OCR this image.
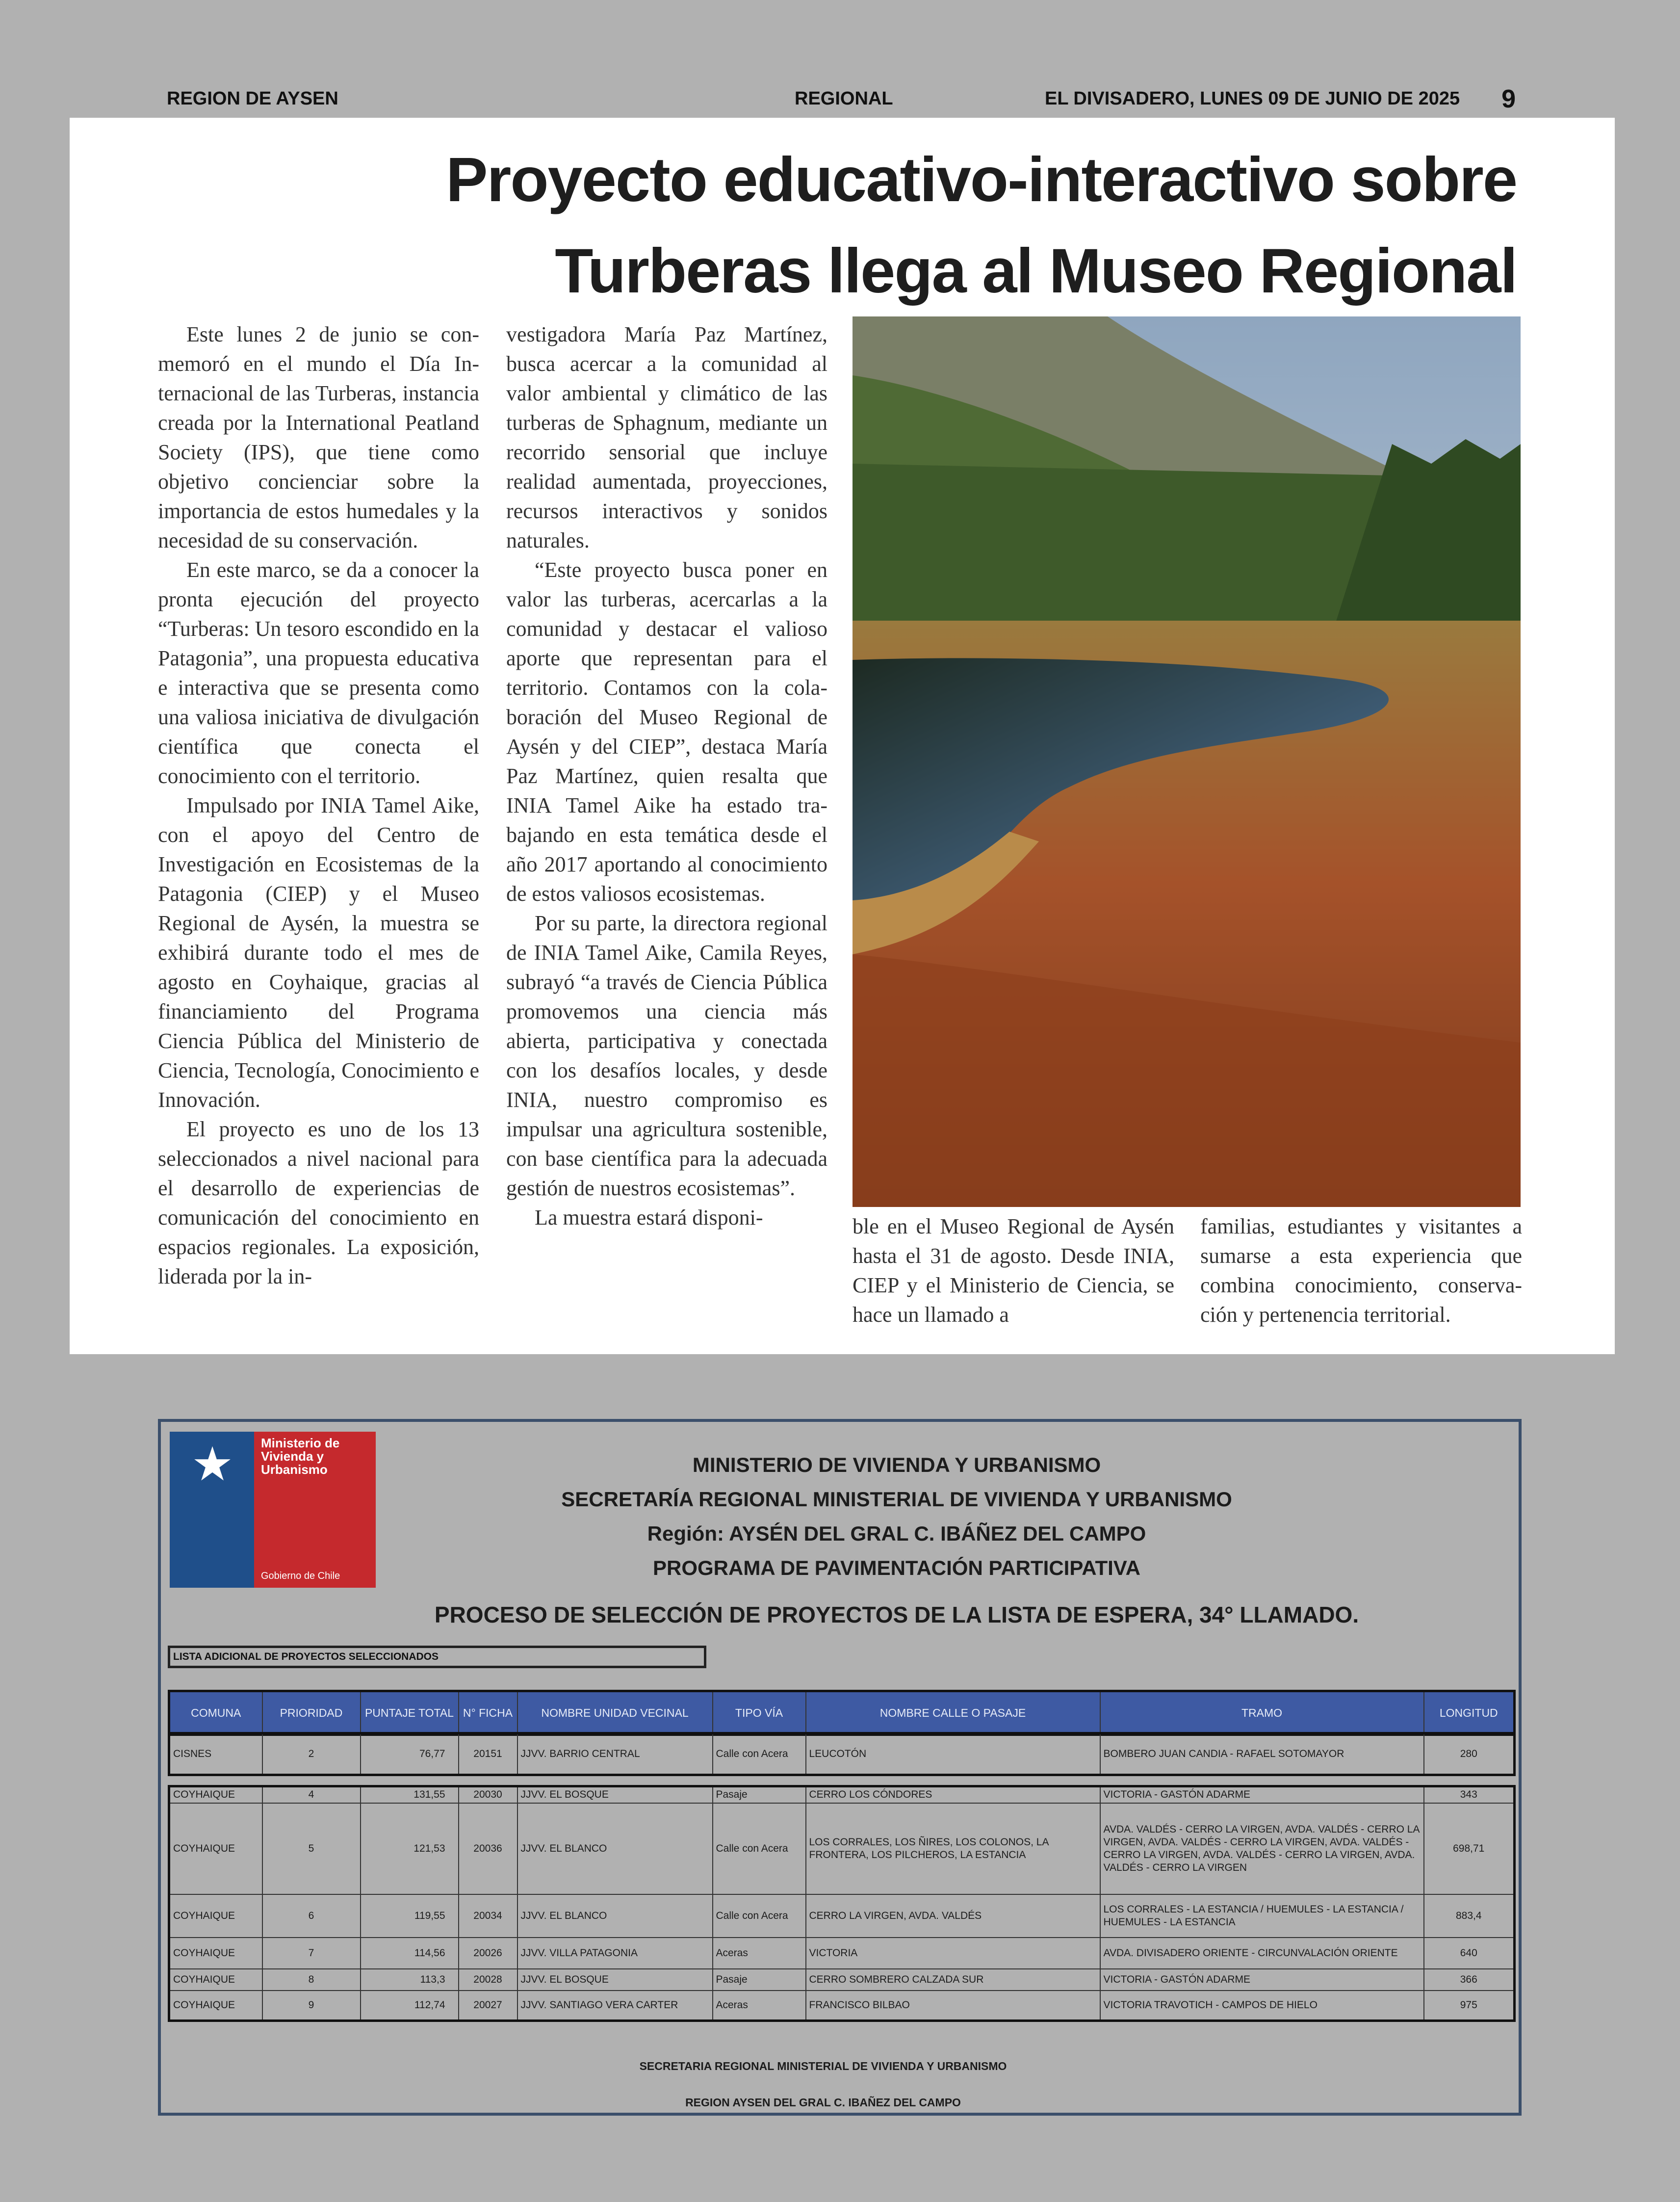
REGION DE AYSEN	REGIONAL	EL DIVISADERO, LUNES 09 DE JUNIO DE 2025 9
Proyecto educativo-interactivo sobre
Turberas llega al Museo Regional

Este lunes 2 de junio se conmemoró en el mundo el Día Internacional de las Turberas, instancia creada por la International Peatland Society (IPS), que tiene como objetivo concienciar sobre la importancia de estos humedales y la necesidad de su conservación.

En este marco, se da a conocer la pronta ejecución del proyecto “Turberas: Un tesoro escondido en la Patagonia”, una propuesta educativa e interactiva que se presenta como una valiosa iniciativa de divulgación científica que conecta el conocimiento con el territorio.

Impulsado por INIA Tamel Aike, con el apoyo del Centro de Investigación en Ecosistemas de la Patagonia (CIEP) y el Museo Regional de Aysén, la muestra se exhibirá durante todo el mes de agosto en Coyhaique, gracias al financiamiento del Programa Ciencia Pública del Ministerio de Ciencia, Tecnología, Conocimiento e Innovación.

El proyecto es uno de los 13 seleccionados a nivel nacional para el desarrollo de experiencias de comunicación del conocimiento en espacios regionales. La exposición, liderada por la in-

vestigadora María Paz Martínez, busca acercar a la comunidad al valor ambiental y climático de las turberas de Sphagnum, mediante un recorrido sensorial que incluye realidad aumentada, proyecciones, recursos interactivos y sonidos naturales.

“Este proyecto busca poner en valor las turberas, acercarlas a la comunidad y destacar el valioso aporte que representan para el territorio. Contamos con la colaboración del Museo Regional de Aysén y del CIEP”, destaca María Paz Martínez, quien resalta que INIA Tamel Aike ha estado trabajando en esta temática desde el año 2017 aportando al conocimiento de estos valiosos ecosistemas.

Por su parte, la directora regional de INIA Tamel Aike, Camila Reyes, subrayó “a través de Ciencia Pública promovemos una ciencia más abierta, participativa y conectada con los desafíos locales, y desde INIA, nuestro compromiso es impulsar una agricultura sostenible, con base científica para la adecuada gestión de nuestros ecosistemas”.

La muestra estará disponi-	ble en el Museo Regional de Aysén hasta el 31 de agosto. Desde INIA, CIEP y el Ministerio de Ciencia, se hace un llamado a

familias, estudiantes y visitantes a sumarse a esta experiencia que combina conocimiento, conservación y pertenencia territorial.

★	Ministerio de
Vivienda y
Urbanismo
Gobierno de Chile
MINISTERIO DE VIVIENDA Y URBANISMO
SECRETARÍA REGIONAL MINISTERIAL DE VIVIENDA Y URBANISMO
Región: AYSÉN DEL GRAL C. IBÁÑEZ DEL CAMPO
PROGRAMA DE PAVIMENTACIÓN PARTICIPATIVA
PROCESO DE SELECCIÓN DE PROYECTOS DE LA LISTA DE ESPERA, 34° LLAMADO.
LISTA ADICIONAL DE PROYECTOS SELECCIONADOS
COMUNA	PRIORIDAD	PUNTAJE TOTAL	N° FICHA	NOMBRE UNIDAD VECINAL	TIPO VÍA	NOMBRE CALLE O PASAJE	TRAMO	LONGITUD
CISNES	2	76,77	20151	JJVV. BARRIO CENTRAL	Calle con Acera	LEUCOTÓN	BOMBERO JUAN CANDIA - RAFAEL SOTOMAYOR	280
COYHAIQUE	4	131,55	20030	JJVV. EL BOSQUE	Pasaje	CERRO LOS CÓNDORES	VICTORIA - GASTÓN ADARME	343
COYHAIQUE	5	121,53	20036	JJVV. EL BLANCO	Calle con Acera	LOS CORRALES, LOS ÑIRES, LOS COLONOS, LA FRONTERA, LOS PILCHEROS, LA ESTANCIA	AVDA. VALDÉS - CERRO LA VIRGEN, AVDA. VALDÉS - CERRO LA VIRGEN, AVDA. VALDÉS - CERRO LA VIRGEN, AVDA. VALDÉS - CERRO LA VIRGEN, AVDA. VALDÉS - CERRO LA VIRGEN, AVDA. VALDÉS - CERRO LA VIRGEN	698,71
COYHAIQUE	6	119,55	20034	JJVV. EL BLANCO	Calle con Acera	CERRO LA VIRGEN, AVDA. VALDÉS	LOS CORRALES - LA ESTANCIA / HUEMULES - LA ESTANCIA / HUEMULES - LA ESTANCIA	883,4
COYHAIQUE	7	114,56	20026	JJVV. VILLA PATAGONIA	Aceras	VICTORIA	AVDA. DIVISADERO ORIENTE - CIRCUNVALACIÓN ORIENTE	640
COYHAIQUE	8	113,3	20028	JJVV. EL BOSQUE	Pasaje	CERRO SOMBRERO CALZADA SUR	VICTORIA - GASTÓN ADARME	366
COYHAIQUE	9	112,74	20027	JJVV. SANTIAGO VERA CARTER	Aceras	FRANCISCO BILBAO	VICTORIA TRAVOTICH - CAMPOS DE HIELO	975
SECRETARIA REGIONAL MINISTERIAL DE VIVIENDA Y URBANISMO
REGION AYSEN DEL GRAL C. IBAÑEZ DEL CAMPO
